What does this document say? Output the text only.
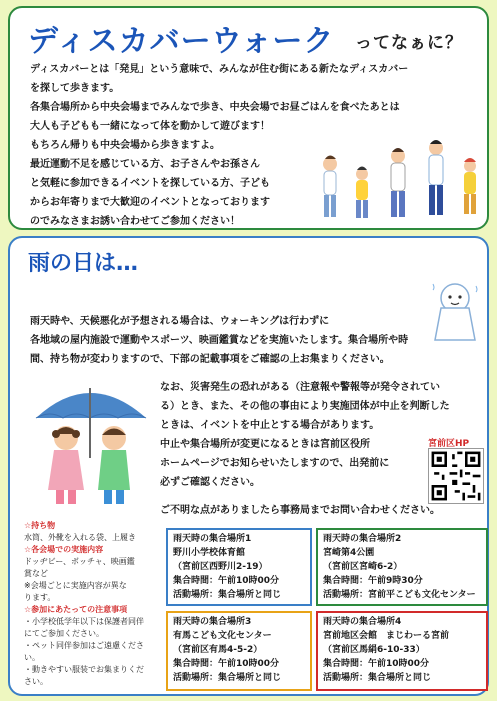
ディスカバーウォーク ってなぁに？
ディスカバーとは「発見」という意味で、みんなが住む街にある新たなディスカバー
を探して歩きます。
各集合場所から中央会場までみんなで歩き、中央会場でお昼ごはんを食べたあとは
大人も子どもも一緒になって体を動かして遊びます！
もちろん帰りも中央会場から歩きますよ。
最近運動不足を感じている方、お子さんやお孫さん
と気軽に参加できるイベントを探している方、子ども
からお年寄りまで大歓迎のイベントとなっております
のでみなさまお誘い合わせてご参加ください！
雨の日は…
雨天時や、天候悪化が予想される場合は、ウォーキングは行わずに
各地域の屋内施設で運動やスポーツ、映画鑑賞などを実施いたします。集合場所や時
間、持ち物が変わりますので、下部の記載事項をご確認の上お集まりください。
なお、災害発生の恐れがある（注意報や警報等が発令されてい
る）とき、また、その他の事由により実施団体が中止を判断した
ときは、イベントを中止とする場合があります。
中止や集合場所が変更になるときは宮前区役所
ホームページでお知らせいたしますので、出発前に
必ずご確認ください。
ご不明な点がありましたら事務局までお問い合わせください。
宮前区HP
☆持ち物
水筒、外靴を入れる袋、上履き
☆各会場での実施内容
ドッヂビー、ボッチャ、映画鑑
賞など
※会場ごとに実施内容が異な
ります。
☆参加にあたっての注意事項
・小学校低学年以下は保護者同伴
にてご参加ください。
・ペット同伴参加はご遠慮くださ
い。
・動きやすい服装でお集まりくだ
さい。
雨天時の集合場所1
野川小学校体育館
（宮前区西野川2-19）
集合時間：午前10時00分
活動場所：集合場所と同じ
雨天時の集合場所2
宮崎第4公園
（宮前区宮崎6-2）
集合時間：午前9時30分
活動場所：宮前平こども文化センター
雨天時の集合場所3
有馬こども文化センター
（宮前区有馬4-5-2）
集合時間：午前10時00分
活動場所：集合場所と同じ
雨天時の集合場所4
宮前地区会館　まじわーる宮前
（宮前区馬絹6-10-33）
集合時間：午前10時00分
活動場所：集合場所と同じ
